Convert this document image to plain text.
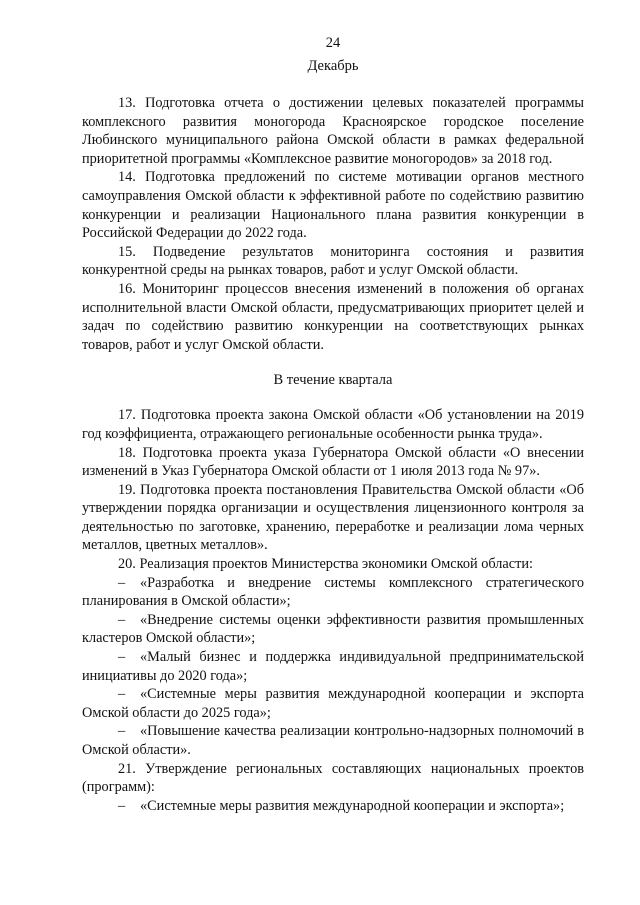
24
Декабрь

13. Подготовка отчета о достижении целевых показателей программы комплексного развития моногорода Красноярское городское поселение Любинского муниципального района Омской области в рамках федеральной приоритетной программы «Комплексное развитие моногородов» за 2018 год.

14. Подготовка предложений по системе мотивации органов местного самоуправления Омской области к эффективной работе по содействию развитию конкуренции и реализации Национального плана развития конкуренции в Российской Федерации до 2022 года.

15. Подведение результатов мониторинга состояния и развития конкурентной среды на рынках товаров, работ и услуг Омской области.

16. Мониторинг процессов внесения изменений в положения об органах исполнительной власти Омской области, предусматривающих приоритет целей и задач по содействию развитию конкуренции на соответствующих рынках товаров, работ и услуг Омской области.

В течение квартала

17. Подготовка проекта закона Омской области «Об установлении на 2019 год коэффициента, отражающего региональные особенности рынка труда».

18. Подготовка проекта указа Губернатора Омской области «О внесении изменений в Указ Губернатора Омской области от 1 июля 2013 года № 97».

19. Подготовка проекта постановления Правительства Омской области «Об утверждении порядка организации и осуществления лицензионного контроля за деятельностью по заготовке, хранению, переработке и реализации лома черных металлов, цветных металлов».

20. Реализация проектов Министерства экономики Омской области:

– «Разработка и внедрение системы комплексного стратегического планирования в Омской области»;

– «Внедрение системы оценки эффективности развития промышленных кластеров Омской области»;

– «Малый бизнес и поддержка индивидуальной предпринимательской инициативы до 2020 года»;

– «Системные меры развития международной кооперации и экспорта Омской области до 2025 года»;

– «Повышение качества реализации контрольно-надзорных полномочий в Омской области».

21. Утверждение региональных составляющих национальных проектов (программ):

– «Системные меры развития международной кооперации и экспорта»;
